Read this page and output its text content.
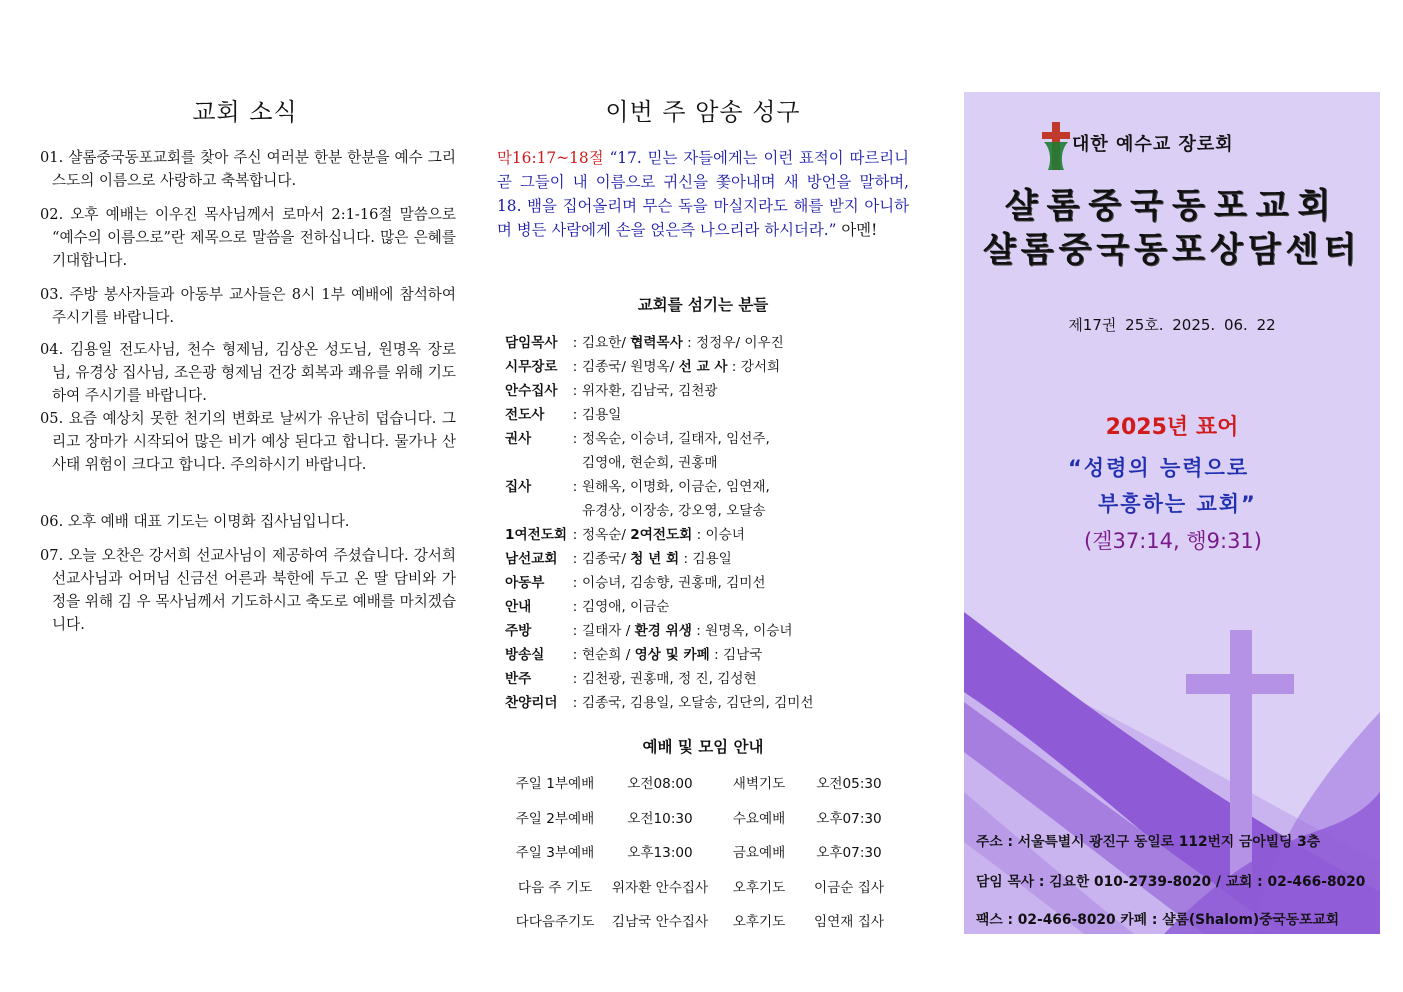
교회 소식
01. 샬롬중국동포교회를 찾아 주신 여러분 한분 한분을 예수 그리스도의 이름으로 사랑하고 축복합니다.
02. 오후 예배는 이우진 목사님께서 로마서 2:1-16절 말씀으로 “예수의 이름으로”란 제목으로 말씀을 전하십니다. 많은 은혜를 기대합니다.
03. 주방 봉사자들과 아동부 교사들은 8시 1부 예배에 참석하여 주시기를 바랍니다.
04. 김용일 전도사님, 천수 형제님, 김상온 성도님, 원명옥 장로님, 유경상 집사님, 조은광 형제님 건강 회복과 쾌유를 위해 기도하여 주시기를 바랍니다.
05. 요즘 예상치 못한 천기의 변화로 날씨가 유난히 덥습니다. 그리고 장마가 시작되어 많은 비가 예상 된다고 합니다. 물가나 산사태 위험이 크다고 합니다. 주의하시기 바랍니다.
06. 오후 예배 대표 기도는 이명화 집사님입니다.
07. 오늘 오찬은 강서희 선교사님이 제공하여 주셨습니다. 강서희 선교사님과 어머님 신금선 어른과 북한에 두고 온 딸 담비와 가정을 위해 김 우 목사님께서 기도하시고 축도로 예배를 마치겠습니다.
이번 주 암송 성구
막16:17~18절 “17. 믿는 자들에게는 이런 표적이 따르리니 곧 그들이 내 이름으로 귀신을 쫓아내며 새 방언을 말하며, 18. 뱀을 집어올리며 무슨 독을 마실지라도 해를 받지 아니하며 병든 사람에게 손을 얹은즉 나으리라 하시더라.” 아멘!
교회를 섬기는 분들
담임목사	: 김요한/ 협력목사 : 정정우/ 이우진
시무장로	: 김종국/ 원명옥/ 선 교 사 : 강서희
안수집사	: 위자환, 김남국, 김천광
전도사	: 김용일
권사	: 정옥순, 이승녀, 길태자, 임선주,
김영애, 현순희, 권홍매
집사	: 원해옥, 이명화, 이금순, 임연재,
유경상, 이장송, 강오영, 오달송
1여전도회 : 정옥순/ 2여전도회 : 이승녀
남선교회	: 김종국/ 청 년 회 : 김용일
아동부	: 이승녀, 김송향, 권홍매, 김미선
안내	: 김영애, 이금순
주방	: 길태자 / 환경 위생 : 원명옥, 이승녀
방송실	: 현순희 / 영상 및 카페 : 김남국
반주	: 김천광, 권홍매, 정 진, 김성현
찬양리더	: 김종국, 김용일, 오달송, 김단의, 김미선
예배 및 모임 안내
주일 1부예배	오전08:00	새벽기도	오전05:30
주일 2부예배	오전10:30	수요예배	오후07:30
주일 3부예배	오후13:00	금요예배	오후07:30
다음 주 기도	위자환 안수집사	오후기도	이금순 집사
다다음주기도	김남국 안수집사	오후기도	임연재 집사
대한 예수교 장로회
샬롬중국동포교회
샬롬중국동포상담센터
제17권 25호. 2025. 06. 22
2025년 표어
“성령의 능력으로
부흥하는 교회”
(겔37:14, 행9:31)
주소 : 서울특별시 광진구 동일로 112번지 금아빌딩 3층
담임 목사 : 김요한 010-2739-8020 / 교회 : 02-466-8020
팩스 : 02-466-8020 카페 : 샬롬(Shalom)중국동포교회
